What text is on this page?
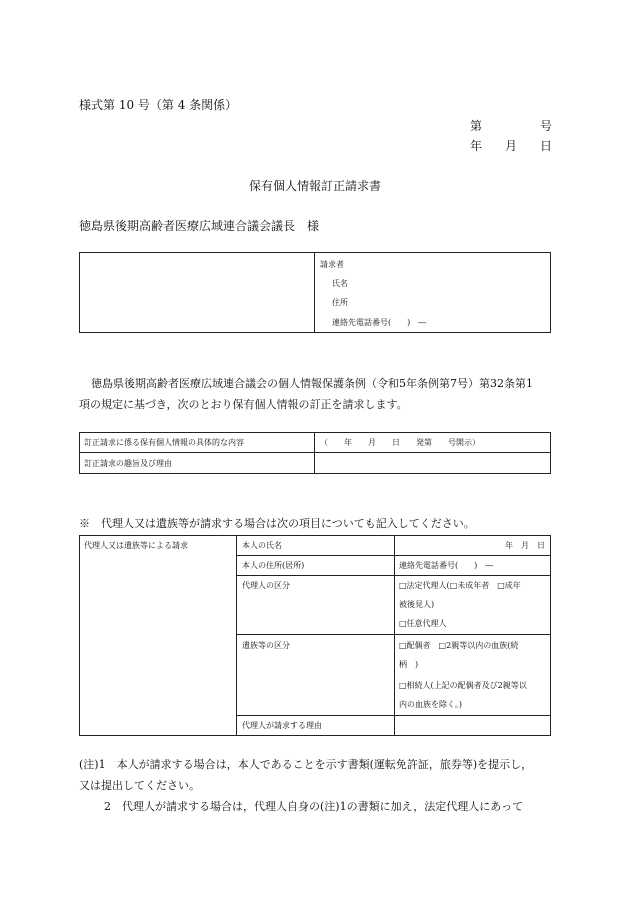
様式第 10 号（第 4 条関係）
第	号
年 月 日
保有個人情報訂正請求書
徳島県後期高齢者医療広域連合議会議長　様
請求者
氏名
住所
連絡先電話番号(　　)　―
徳島県後期高齢者医療広域連合議会の個人情報保護条例（令和5年条例第7号）第32条第1
項の規定に基づき，次のとおり保有個人情報の訂正を請求します。
訂正請求に係る保有個人情報の具体的な内容	（　　年　　月　　日　　発第　　号開示）
訂正請求の趣旨及び理由
※　代理人又は遺族等が請求する場合は次の項目についても記入してください。
代理人又は遺族等による請求	本人の氏名	年　月　日
本人の住所(居所)	連絡先電話番号(　　)　―
代理人の区分	□法定代理人(□未成年者　□成年
被後見人)
□任意代理人
遺族等の区分	□配偶者　□2親等以内の血族(続
柄　)
□相続人(上記の配偶者及び2親等以
内の血族を除く。)
代理人が請求する理由
(注)1　本人が請求する場合は，本人であることを示す書類(運転免許証，旅券等)を提示し，
又は提出してください。
2　代理人が請求する場合は，代理人自身の(注)1の書類に加え，法定代理人にあって
